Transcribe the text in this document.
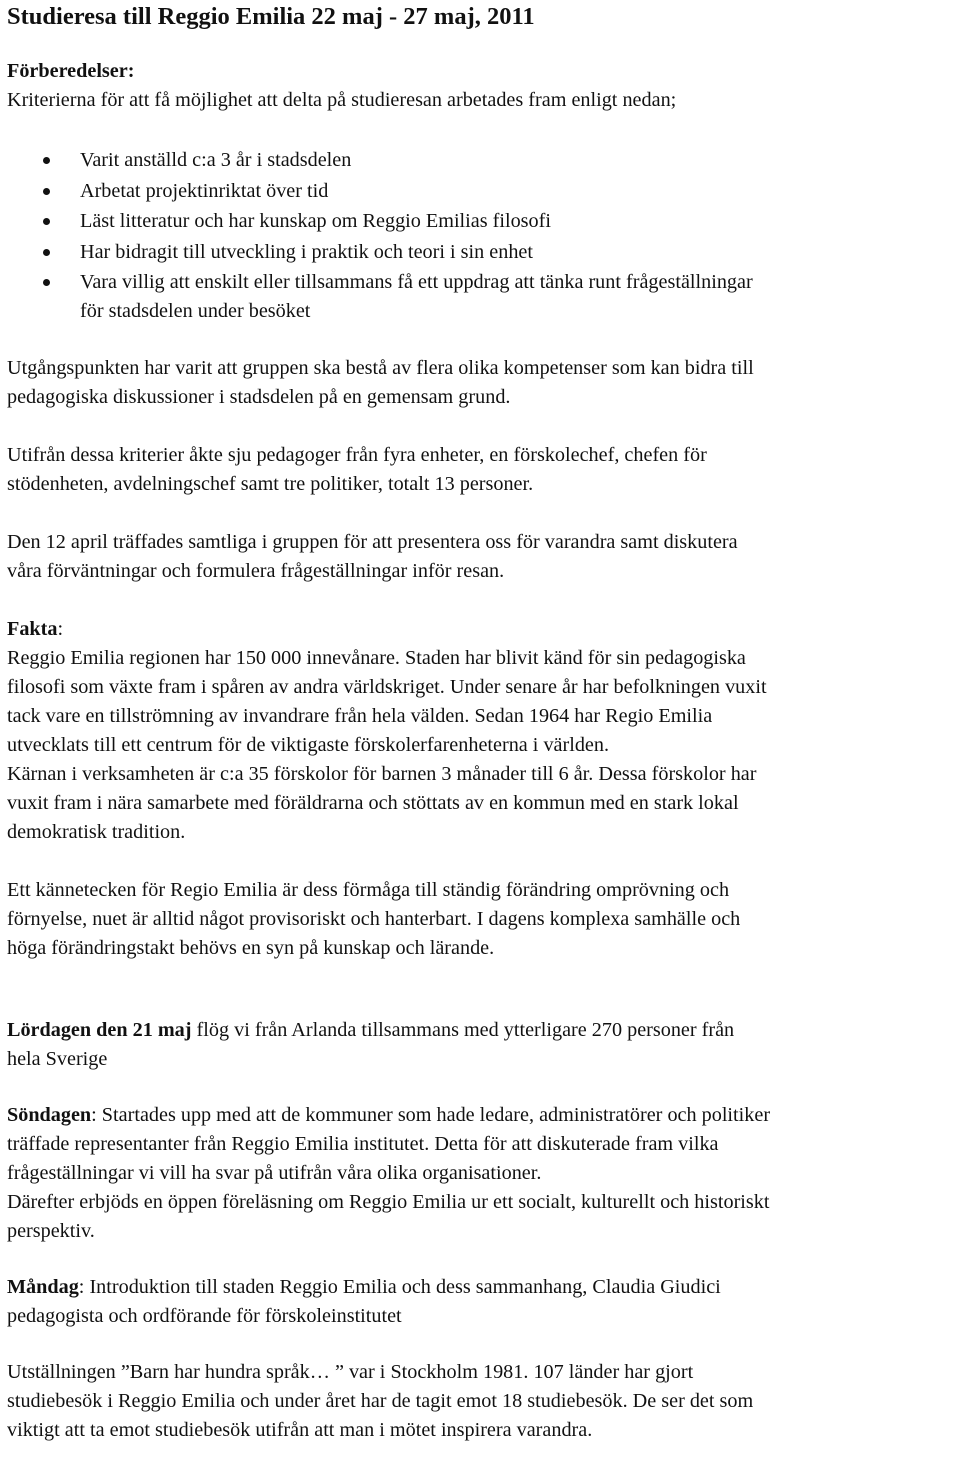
Studieresa till Reggio Emilia 22 maj - 27 maj, 2011
Förberedelser:
Kriterierna för att få möjlighet att delta på studieresan arbetades fram enligt nedan;
Varit anställd c:a 3 år i stadsdelen
Arbetat projektinriktat över tid
Läst litteratur och har kunskap om Reggio Emilias filosofi
Har bidragit till utveckling i praktik och teori i sin enhet
Vara villig att enskilt eller tillsammans få ett uppdrag att tänka runt frågeställningar
för stadsdelen under besöket
Utgångspunkten har varit att gruppen ska bestå av flera olika kompetenser som kan bidra till
pedagogiska diskussioner i stadsdelen på en gemensam grund.
Utifrån dessa kriterier åkte sju pedagoger från fyra enheter, en förskolechef, chefen för
stödenheten, avdelningschef samt tre politiker, totalt 13 personer.
Den 12 april träffades samtliga i gruppen för att presentera oss för varandra samt diskutera
våra förväntningar och formulera frågeställningar inför resan.
Fakta:
Reggio Emilia regionen har 150 000 innevånare. Staden har blivit känd för sin pedagogiska
filosofi som växte fram i spåren av andra världskriget. Under senare år har befolkningen vuxit
tack vare en tillströmning av invandrare från hela välden. Sedan 1964 har Regio Emilia
utvecklats till ett centrum för de viktigaste förskolerfarenheterna i världen.
Kärnan i verksamheten är c:a 35 förskolor för barnen 3 månader till 6 år. Dessa förskolor har
vuxit fram i nära samarbete med föräldrarna och stöttats av en kommun med en stark lokal
demokratisk tradition.
Ett kännetecken för Regio Emilia är dess förmåga till ständig förändring omprövning och
förnyelse, nuet är alltid något provisoriskt och hanterbart. I dagens komplexa samhälle och
höga förändringstakt behövs en syn på kunskap och lärande.
Lördagen den 21 maj flög vi från Arlanda tillsammans med ytterligare 270 personer från
hela Sverige
Söndagen: Startades upp med att de kommuner som hade ledare, administratörer och politiker
träffade representanter från Reggio Emilia institutet. Detta för att diskuterade fram vilka
frågeställningar vi vill ha svar på utifrån våra olika organisationer.
Därefter erbjöds en öppen föreläsning om Reggio Emilia ur ett socialt, kulturellt och historiskt
perspektiv.
Måndag: Introduktion till staden Reggio Emilia och dess sammanhang, Claudia Giudici
pedagogista och ordförande för förskoleinstitutet
Utställningen ”Barn har hundra språk… ” var i Stockholm 1981. 107 länder har gjort
studiebesök i Reggio Emilia och under året har de tagit emot 18 studiebesök. De ser det som
viktigt att ta emot studiebesök utifrån att man i mötet inspirera varandra.
